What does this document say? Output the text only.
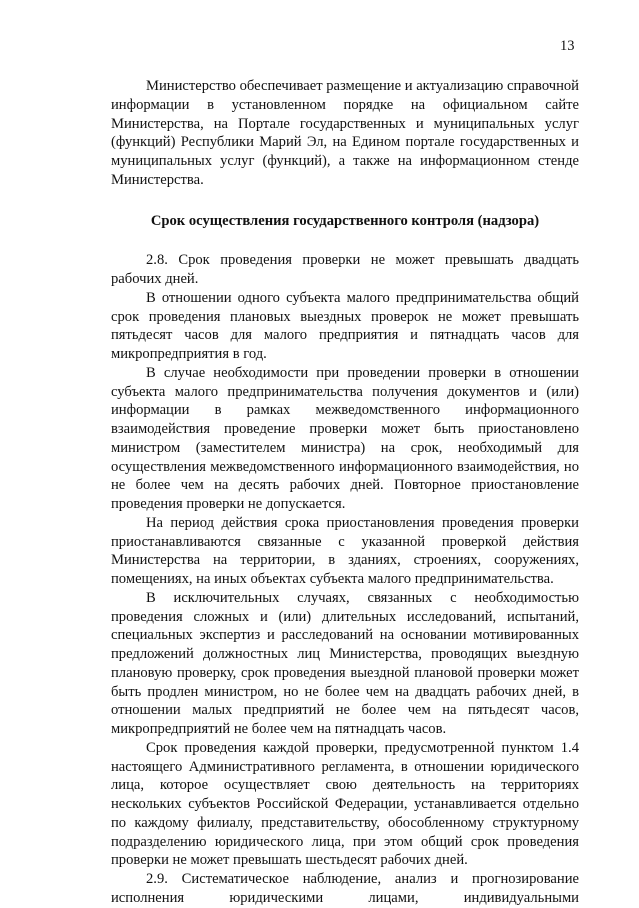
13

Министерство обеспечивает размещение и актуализацию справочной информации в установленном порядке на официальном сайте Министерства, на Портале государственных и муниципальных услуг (функций) Республики Марий Эл, на Едином портале государственных и муниципальных услуг (функций), а также на информационном стенде Министерства.

Срок осуществления государственного контроля (надзора)

2.8. Срок проведения проверки не может превышать двадцать рабочих дней.

В отношении одного субъекта малого предпринимательства общий срок проведения плановых выездных проверок не может превышать пятьдесят часов для малого предприятия и пятнадцать часов для микропредприятия в год.

В случае необходимости при проведении проверки в отношении субъекта малого предпринимательства получения документов и (или) информации в рамках межведомственного информационного взаимодействия проведение проверки может быть приостановлено министром (заместителем министра) на срок, необходимый для осуществления межведомственного информационного взаимодействия, но не более чем на десять рабочих дней. Повторное приостановление проведения проверки не допускается.

На период действия срока приостановления проведения проверки приостанавливаются связанные с указанной проверкой действия Министерства на территории, в зданиях, строениях, сооружениях, помещениях, на иных объектах субъекта малого предпринимательства.

В исключительных случаях, связанных с необходимостью проведения сложных и (или) длительных исследований, испытаний, специальных экспертиз и расследований на основании мотивированных предложений должностных лиц Министерства, проводящих выездную плановую проверку, срок проведения выездной плановой проверки может быть продлен министром, но не более чем на двадцать рабочих дней, в отношении малых предприятий не более чем на пятьдесят часов, микропредприятий не более чем на пятнадцать часов.

Срок проведения каждой проверки, предусмотренной пунктом 1.4 настоящего Административного регламента, в отношении юридического лица, которое осуществляет свою деятельность на территориях нескольких субъектов Российской Федерации, устанавливается отдельно по каждому филиалу, представительству, обособленному структурному подразделению юридического лица, при этом общий срок проведения проверки не может превышать шестьдесят рабочих дней.

2.9. Систематическое наблюдение, анализ и прогнозирование исполнения юридическими лицами, индивидуальными
